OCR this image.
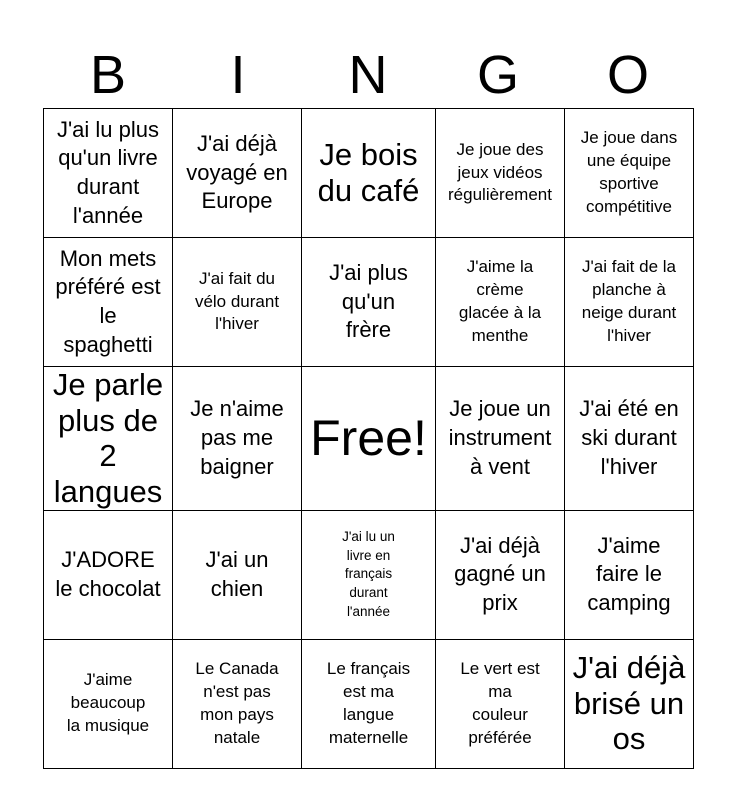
B	I	N	G	O
J'ai lu plus qu'un livre durant l'année	J'ai déjà voyagé en Europe	Je bois du café	Je joue des jeux vidéos régulièrement	Je joue dans une équipe sportive compétitive

Mon mets préféré est le spaghetti	J'ai fait du vélo durant l'hiver	J'ai plus qu'un frère	J'aime la crème glacée à la menthe	J'ai fait de la planche à neige durant l'hiver

Je parle plus de 2 langues	Je n'aime pas me baigner	Free!	Je joue un instrument à vent	J'ai été en ski durant l'hiver

J'ADORE le chocolat	J'ai un chien	J'ai lu un livre en français durant l'année	J'ai déjà gagné un prix	J'aime faire le camping

J'aime beaucoup la musique	Le Canada n'est pas mon pays natale	Le français est ma langue maternelle	Le vert est ma couleur préférée	J'ai déjà brisé un os
